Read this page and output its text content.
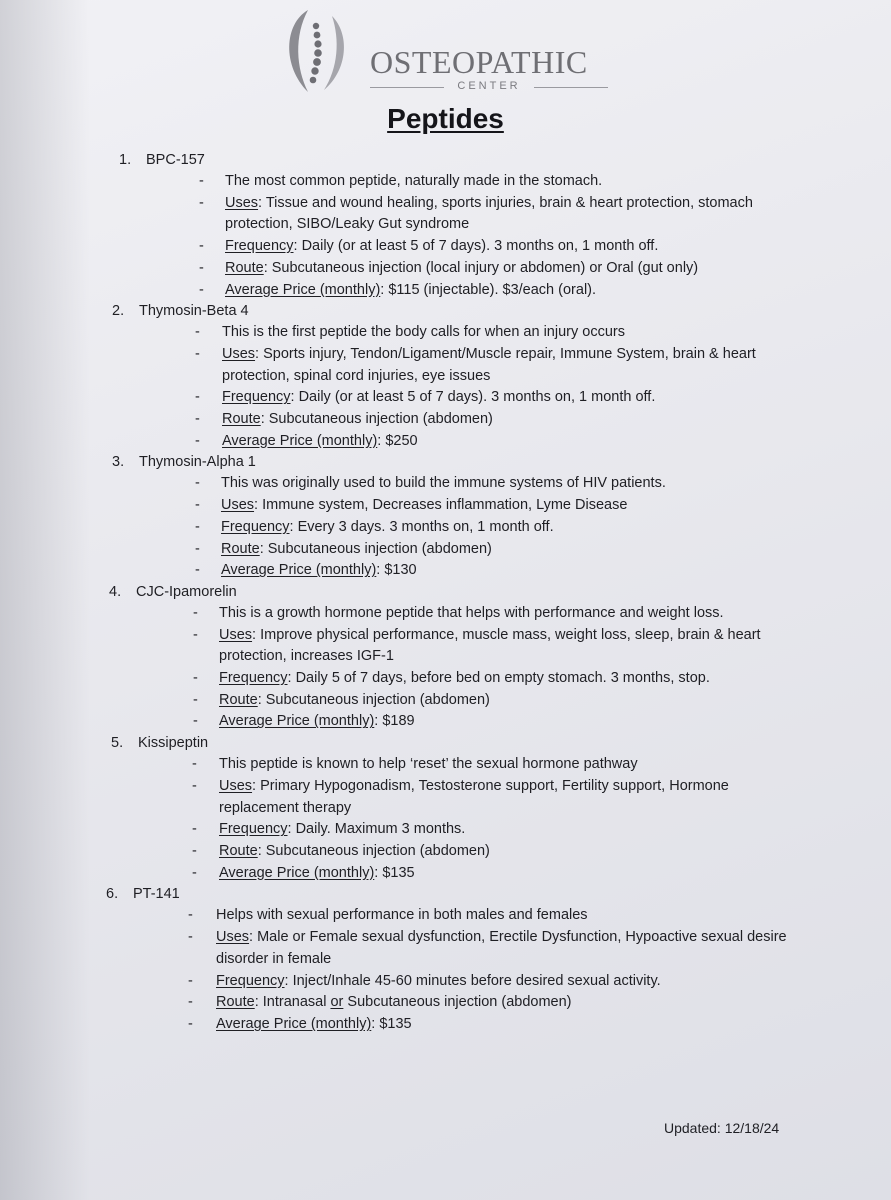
OSTEOPATHIC
CENTER
Peptides
1. BPC-157
-	The most common peptide, naturally made in the stomach.
-	Uses: Tissue and wound healing, sports injuries, brain & heart protection, stomach protection, SIBO/Leaky Gut syndrome
-	Frequency: Daily (or at least 5 of 7 days). 3 months on, 1 month off.
-	Route: Subcutaneous injection (local injury or abdomen) or Oral (gut only)
-	Average Price (monthly): $115 (injectable). $3/each (oral).
2. Thymosin-Beta 4
-	This is the first peptide the body calls for when an injury occurs
-	Uses: Sports injury, Tendon/Ligament/Muscle repair, Immune System, brain & heart protection, spinal cord injuries, eye issues
-	Frequency: Daily (or at least 5 of 7 days). 3 months on, 1 month off.
-	Route: Subcutaneous injection (abdomen)
-	Average Price (monthly): $250
3. Thymosin-Alpha 1
-	This was originally used to build the immune systems of HIV patients.
-	Uses: Immune system, Decreases inflammation, Lyme Disease
-	Frequency: Every 3 days. 3 months on, 1 month off.
-	Route: Subcutaneous injection (abdomen)
-	Average Price (monthly): $130
4. CJC-Ipamorelin
-	This is a growth hormone peptide that helps with performance and weight loss.
-	Uses: Improve physical performance, muscle mass, weight loss, sleep, brain & heart protection, increases IGF-1
-	Frequency: Daily 5 of 7 days, before bed on empty stomach. 3 months, stop.
-	Route: Subcutaneous injection (abdomen)
-	Average Price (monthly): $189
5. Kissipeptin
-	This peptide is known to help ‘reset’ the sexual hormone pathway
-	Uses: Primary Hypogonadism, Testosterone support, Fertility support, Hormone replacement therapy
-	Frequency: Daily. Maximum 3 months.
-	Route: Subcutaneous injection (abdomen)
-	Average Price (monthly): $135
6. PT-141
-	Helps with sexual performance in both males and females
-	Uses: Male or Female sexual dysfunction, Erectile Dysfunction, Hypoactive sexual desire disorder in female
-	Frequency: Inject/Inhale 45-60 minutes before desired sexual activity.
-	Route: Intranasal or Subcutaneous injection (abdomen)
-	Average Price (monthly): $135
Updated: 12/18/24
